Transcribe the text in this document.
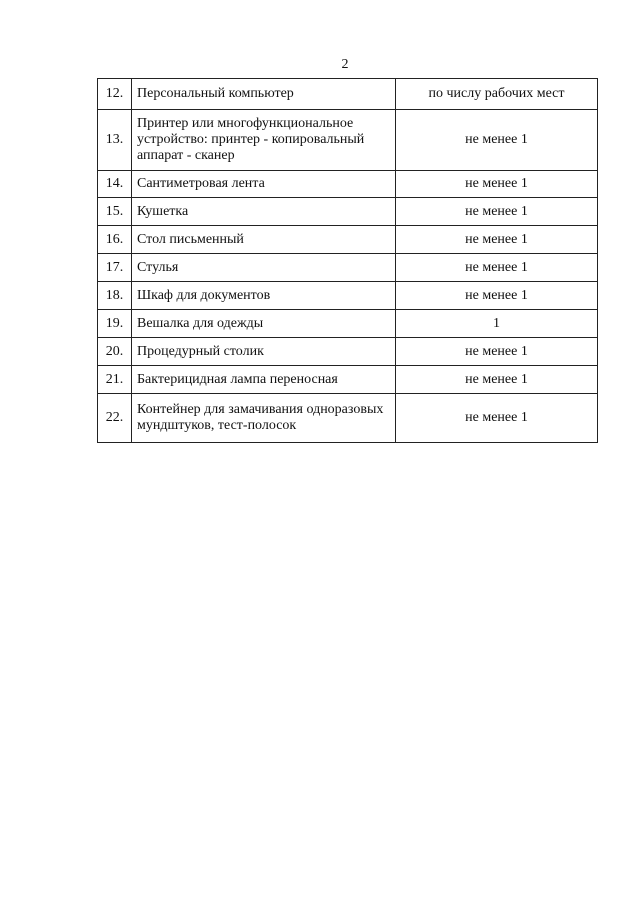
2
12.	Персональный компьютер	по числу рабочих мест
13.	Принтер или многофункциональное устройство: принтер - копировальный аппарат - сканер	не менее 1
14.	Сантиметровая лента	не менее 1
15.	Кушетка	не менее 1
16.	Стол письменный	не менее 1
17.	Стулья	не менее 1
18.	Шкаф для документов	не менее 1
19.	Вешалка для одежды	1
20.	Процедурный столик	не менее 1
21.	Бактерицидная лампа переносная	не менее 1
22.	Контейнер для замачивания одноразовых мундштуков, тест-полосок	не менее 1
